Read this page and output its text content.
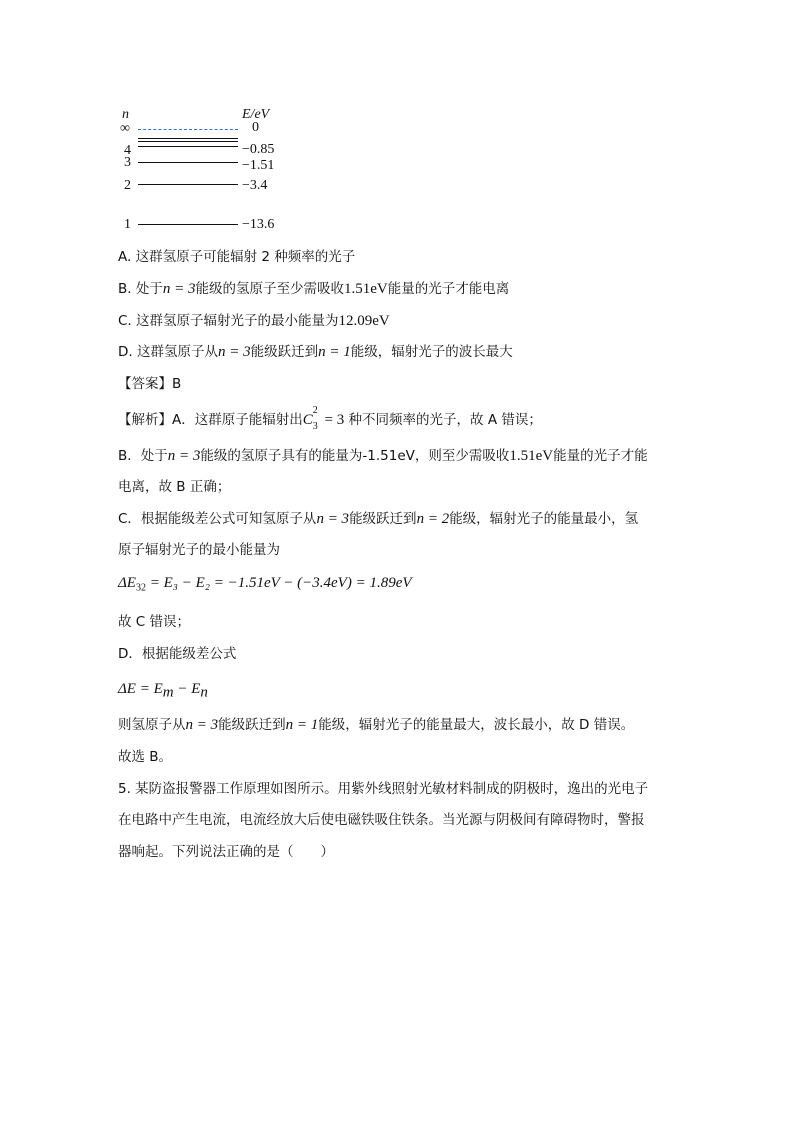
n	E/eV
∞	0
4	−0.85
3	−1.51
2	−3.4
1	−13.6
A. 这群氢原子可能辐射 2 种频率的光子
B. 处于n = 3能级的氢原子至少需吸收1.51eV能量的光子才能电离
C. 这群氢原子辐射光子的最小能量为12.09eV
D. 这群氢原子从n = 3能级跃迁到n = 1能级，辐射光子的波长最大
【答案】B
【解析】A．这群原子能辐射出C
2
3 = 3 种不同频率的光子，故 A 错误；
B．处于n = 3能级的氢原子具有的能量为-1.51eV，则至少需吸收1.51eV能量的光子才能
电离，故 B 正确；
C．根据能级差公式可知氢原子从n = 3能级跃迁到n = 2能级，辐射光子的能量最小，氢
原子辐射光子的最小能量为
$\Delta E_{32} = E_3 - E_2 = -1.51eV - (-3.4eV) = 1.89eV$
故 C 错误；
D．根据能级差公式
$\Delta E = E_m - E_n$
则氢原子从n = 3能级跃迁到n = 1能级，辐射光子的能量最大，波长最小，故 D 错误。
故选 B。
5. 某防盗报警器工作原理如图所示。用紫外线照射光敏材料制成的阴极时，逸出的光电子
在电路中产生电流，电流经放大后使电磁铁吸住铁条。当光源与阴极间有障碍物时，警报
器响起。下列说法正确的是（　　）
